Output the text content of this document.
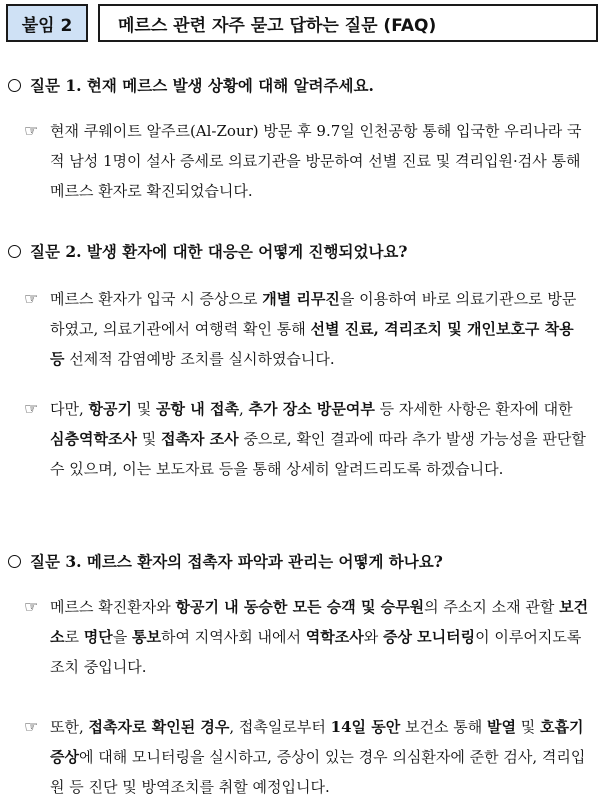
붙임 2	메르스 관련 자주 묻고 답하는 질문 (FAQ)
질문 1. 현재 메르스 발생 상황에 대해 알려주세요.
☞ 현재 쿠웨이트 알주르(Al-Zour) 방문 후 9.7일 인천공항 통해 입국한 우리나라 국적 남성 1명이 설사 증세로 의료기관을 방문하여 선별 진료 및 격리입원·검사 통해 메르스 환자로 확진되었습니다.
질문 2. 발생 환자에 대한 대응은 어떻게 진행되었나요?
☞ 메르스 환자가 입국 시 증상으로 개별 리무진을 이용하여 바로 의료기관으로 방문하였고, 의료기관에서 여행력 확인 통해 선별 진료, 격리조치 및 개인보호구 착용 등 선제적 감염예방 조치를 실시하였습니다.
☞ 다만, 항공기 및 공항 내 접촉, 추가 장소 방문여부 등 자세한 사항은 환자에 대한 심층역학조사 및 접촉자 조사 중으로, 확인 결과에 따라 추가 발생 가능성을 판단할 수 있으며, 이는 보도자료 등을 통해 상세히 알려드리도록 하겠습니다.
질문 3. 메르스 환자의 접촉자 파악과 관리는 어떻게 하나요?
☞ 메르스 확진환자와 항공기 내 동승한 모든 승객 및 승무원의 주소지 소재 관할 보건소로 명단을 통보하여 지역사회 내에서 역학조사와 증상 모니터링이 이루어지도록 조치 중입니다.
☞ 또한, 접촉자로 확인된 경우, 접촉일로부터 14일 동안 보건소 통해 발열 및 호흡기 증상에 대해 모니터링을 실시하고, 증상이 있는 경우 의심환자에 준한 검사, 격리입원 등 진단 및 방역조치를 취할 예정입니다.
